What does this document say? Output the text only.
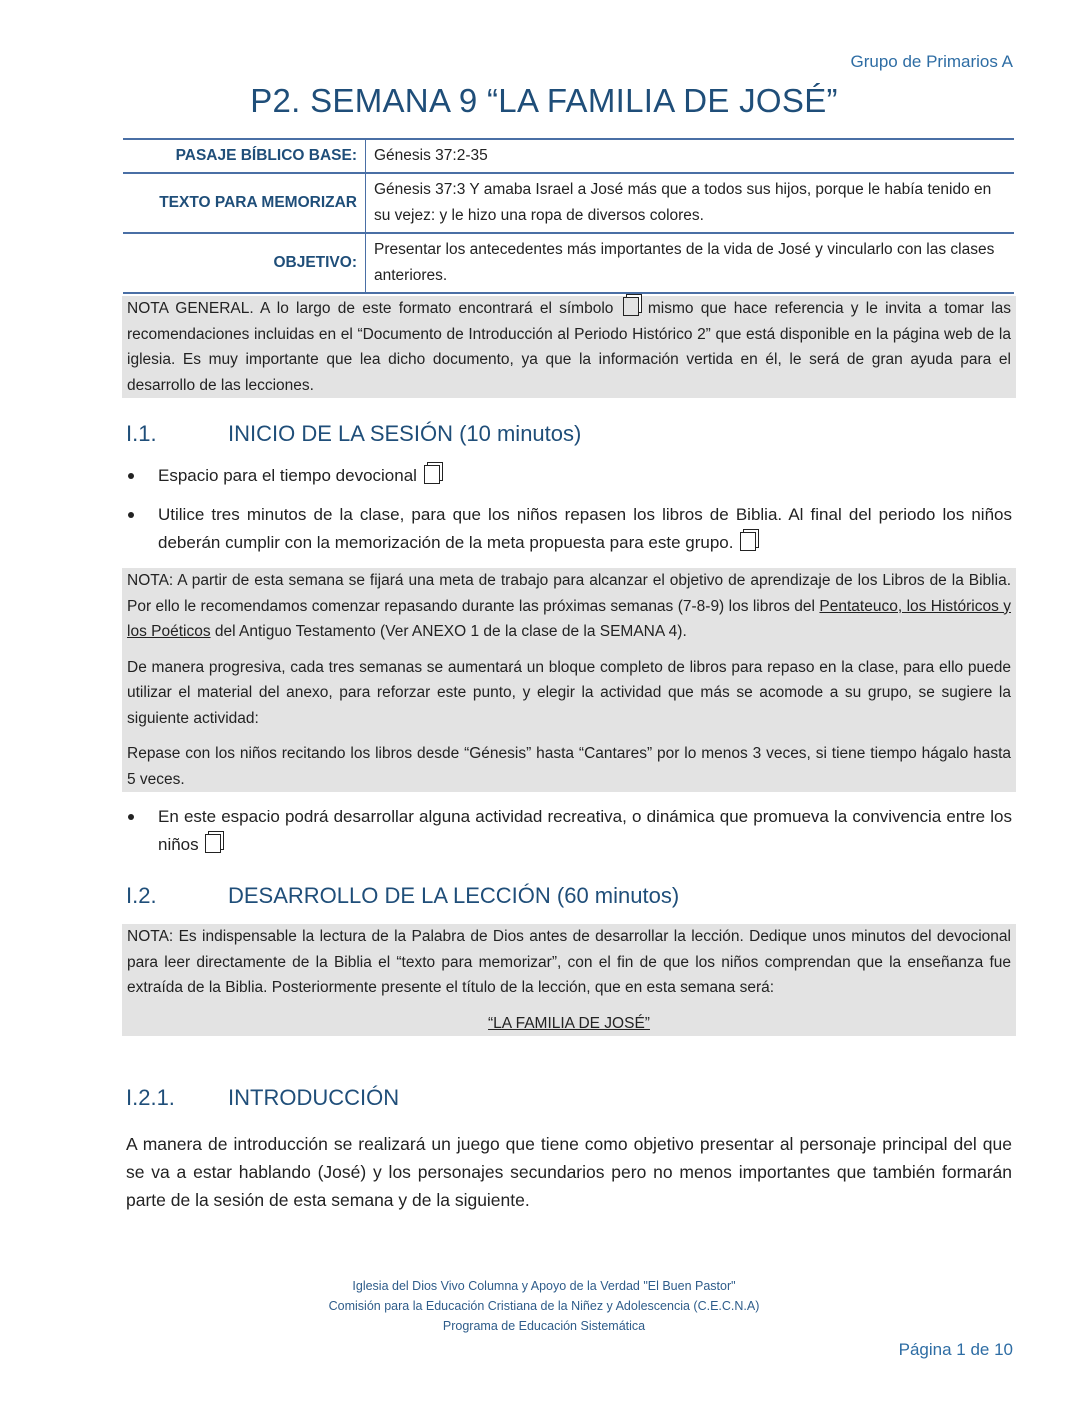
Grupo de Primarios A
P2. SEMANA 9 “LA FAMILIA DE JOSÉ”
PASAJE BÍBLICO BASE:	Génesis 37:2-35
TEXTO PARA MEMORIZAR	Génesis 37:3 Y amaba Israel a José más que a todos sus hijos, porque le había tenido en su vejez: y le hizo una ropa de diversos colores.
OBJETIVO:	Presentar los antecedentes más importantes de la vida de José y vincularlo con las clases anteriores.
NOTA GENERAL. A lo largo de este formato encontrará el símbolo mismo que hace referencia y le invita a tomar las recomendaciones incluidas en el “Documento de Introducción al Periodo Histórico 2” que está disponible en la página web de la iglesia. Es muy importante que lea dicho documento, ya que la información vertida en él, le será de gran ayuda para el desarrollo de las lecciones.
I.1.	INICIO DE LA SESIÓN (10 minutos)
Espacio para el tiempo devocional
Utilice tres minutos de la clase, para que los niños repasen los libros de Biblia. Al final del periodo los niños deberán cumplir con la memorización de la meta propuesta para este grupo.

NOTA: A partir de esta semana se fijará una meta de trabajo para alcanzar el objetivo de aprendizaje de los Libros de la Biblia. Por ello le recomendamos comenzar repasando durante las próximas semanas (7-8-9) los libros del Pentateuco, los Históricos y los Poéticos del Antiguo Testamento (Ver ANEXO 1 de la clase de la SEMANA 4).

De manera progresiva, cada tres semanas se aumentará un bloque completo de libros para repaso en la clase, para ello puede utilizar el material del anexo, para reforzar este punto, y elegir la actividad que más se acomode a su grupo, se sugiere la siguiente actividad:

Repase con los niños recitando los libros desde “Génesis” hasta “Cantares” por lo menos 3 veces, si tiene tiempo hágalo hasta 5 veces.

En este espacio podrá desarrollar alguna actividad recreativa, o dinámica que promueva la convivencia entre los niños
I.2.	DESARROLLO DE LA LECCIÓN (60 minutos)

NOTA: Es indispensable la lectura de la Palabra de Dios antes de desarrollar la lección. Dedique unos minutos del devocional para leer directamente de la Biblia el “texto para memorizar”, con el fin de que los niños comprendan que la enseñanza fue extraída de la Biblia. Posteriormente presente el título de la lección, que en esta semana será:

“LA FAMILIA DE JOSÉ”

I.2.1. INTRODUCCIÓN
A manera de introducción se realizará un juego que tiene como objetivo presentar al personaje principal del que se va a estar hablando (José) y los personajes secundarios pero no menos importantes que también formarán parte de la sesión de esta semana y de la siguiente.
Iglesia del Dios Vivo Columna y Apoyo de la Verdad "El Buen Pastor"
Comisión para la Educación Cristiana de la Niñez y Adolescencia (C.E.C.N.A)
Programa de Educación Sistemática
Página 1 de 10
